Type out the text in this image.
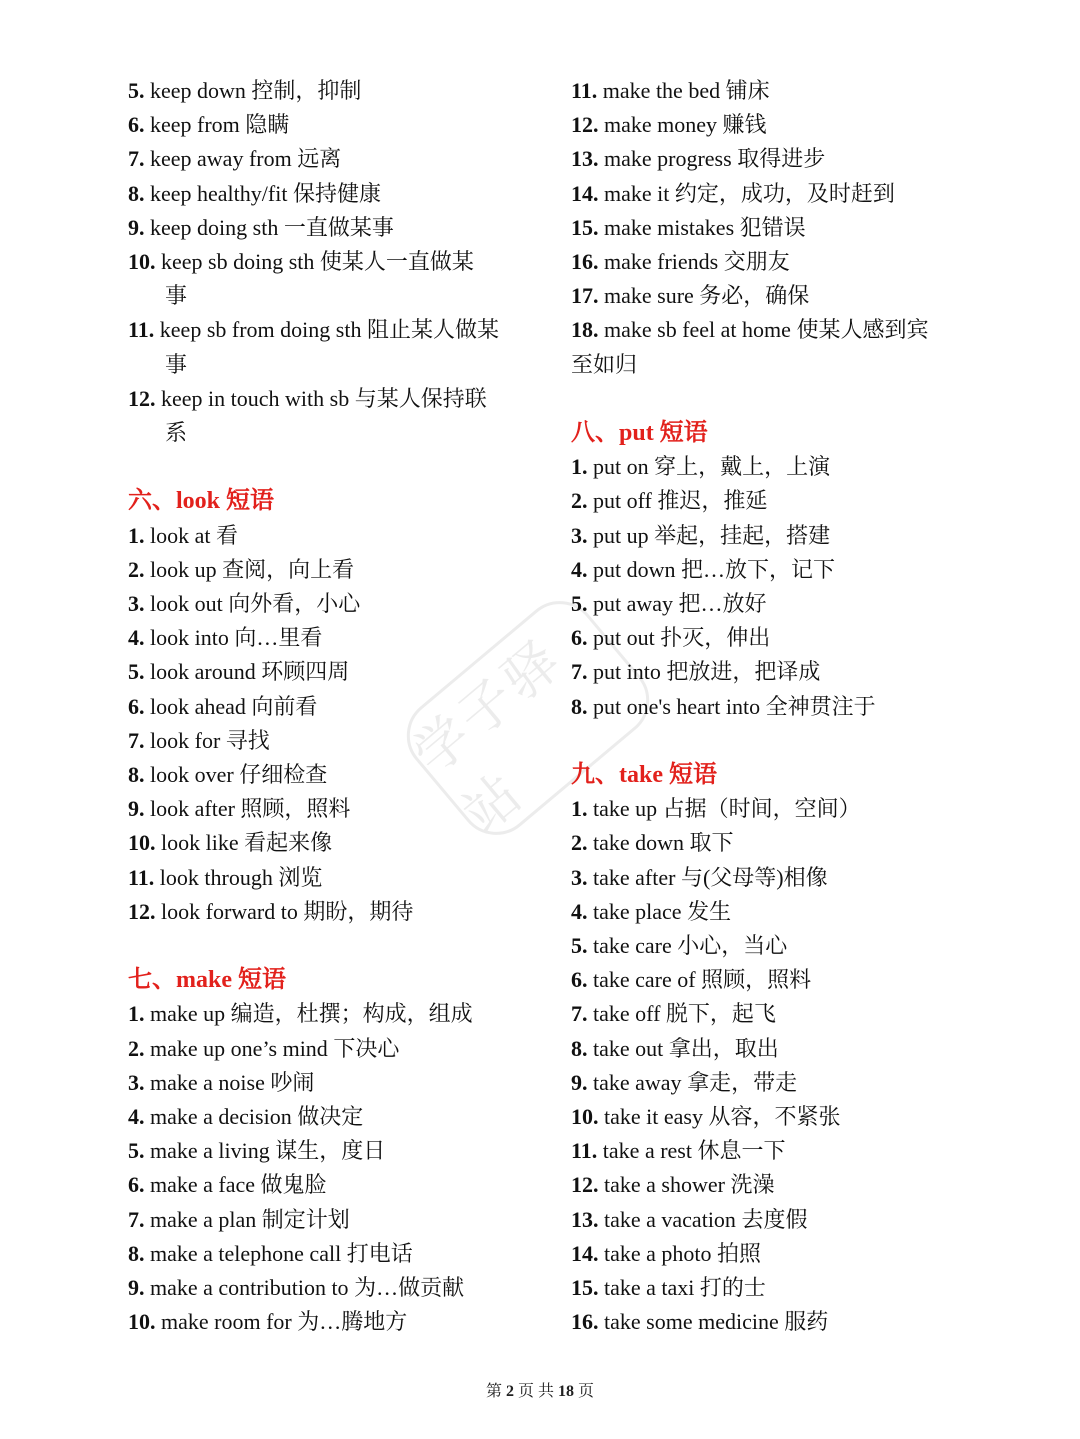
学子驿站
5. keep down 控制，抑制
6. keep from 隐瞒
7. keep away from 远离
8. keep healthy/fit 保持健康
9. keep doing sth 一直做某事
10. keep sb doing sth 使某人一直做某
事
11. keep sb from doing sth 阻止某人做某
事
12. keep in touch with sb 与某人保持联
系
六、look 短语
1. look at 看
2. look up 查阅，向上看
3. look out 向外看，小心
4. look into 向…里看
5. look around 环顾四周
6. look ahead 向前看
7. look for 寻找
8. look over 仔细检查
9. look after 照顾，照料
10. look like 看起来像
11. look through 浏览
12. look forward to 期盼，期待
七、make 短语
1. make up 编造，杜撰；构成，组成
2. make up one’s mind 下决心
3. make a noise 吵闹
4. make a decision 做决定
5. make a living 谋生，度日
6. make a face 做鬼脸
7. make a plan 制定计划
8. make a telephone call 打电话
9. make a contribution to 为…做贡献
10. make room for 为…腾地方
11. make the bed 铺床
12. make money 赚钱
13. make progress 取得进步
14. make it 约定，成功，及时赶到
15. make mistakes 犯错误
16. make friends 交朋友
17. make sure 务必，确保
18. make sb feel at home 使某人感到宾
至如归
八、put 短语
1. put on 穿上，戴上，上演
2. put off 推迟，推延
3. put up 举起，挂起，搭建
4. put down 把…放下，记下
5. put away 把…放好
6. put out 扑灭，伸出
7. put into 把放进，把译成
8. put one's heart into 全神贯注于
九、take 短语
1. take up 占据（时间，空间）
2. take down 取下
3. take after 与(父母等)相像
4. take place 发生
5. take care 小心，当心
6. take care of 照顾，照料
7. take off 脱下，起飞
8. take out 拿出，取出
9. take away 拿走，带走
10. take it easy 从容，不紧张
11. take a rest 休息一下
12. take a shower 洗澡
13. take a vacation 去度假
14. take a photo 拍照
15. take a taxi 打的士
16. take some medicine 服药
第 2 页 共 18 页
